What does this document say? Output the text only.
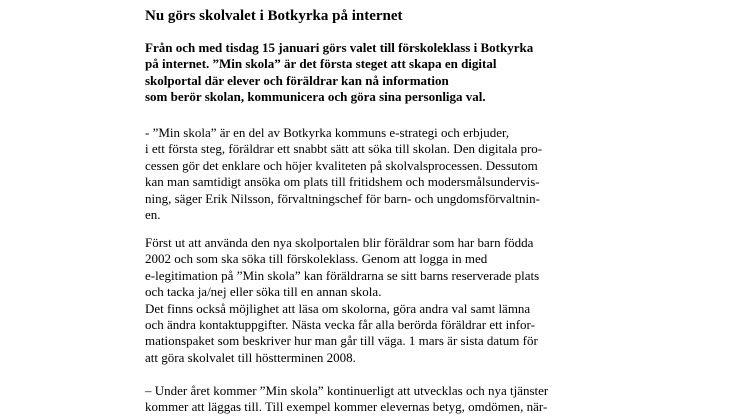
Nu görs skolvalet i Botkyrka på internet

Från och med tisdag 15 januari görs valet till förskoleklass i Botkyrka
på internet. ”Min skola” är det första steget att skapa en digital
skolportal där elever och föräldrar kan nå information
som berör skolan, kommunicera och göra sina personliga val.

- ”Min skola” är en del av Botkyrka kommuns e-strategi och erbjuder,
i ett första steg, föräldrar ett snabbt sätt att söka till skolan. Den digitala pro-
cessen gör det enklare och höjer kvaliteten på skolvalsprocessen. Dessutom
kan man samtidigt ansöka om plats till fritidshem och modersmålsundervis-
ning, säger Erik Nilsson, förvaltningschef för barn- och ungdomsförvaltnin-
en.

Först ut att använda den nya skolportalen blir föräldrar som har barn födda
2002 och som ska söka till förskoleklass. Genom att logga in med
e-legitimation på ”Min skola” kan föräldrarna se sitt barns reserverade plats
och tacka ja/nej eller söka till en annan skola.
Det finns också möjlighet att läsa om skolorna, göra andra val samt lämna
och ändra kontaktuppgifter. Nästa vecka får alla berörda föräldrar ett infor-
mationspaket som beskriver hur man går till väga. 1 mars är sista datum för
att göra skolvalet till höstterminen 2008.

– Under året kommer ”Min skola” kontinuerligt att utvecklas och nya tjänster
kommer att läggas till. Till exempel kommer elevernas betyg, omdömen, när-
